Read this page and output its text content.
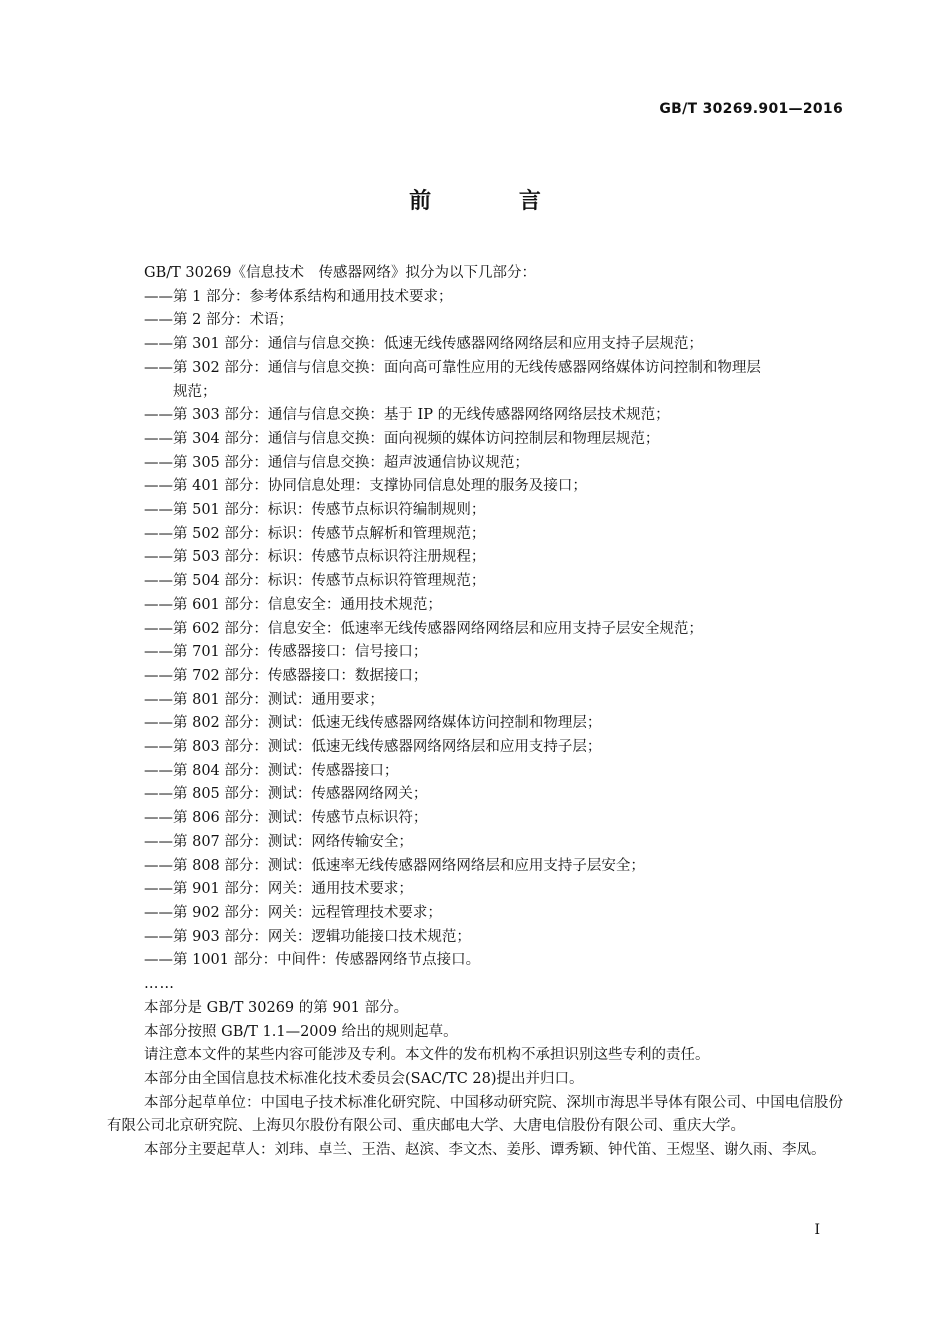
GB/T 30269.901—2016
前 言
GB/T 30269《信息技术　传感器网络》拟分为以下几部分：
——第 1 部分：参考体系结构和通用技术要求；
——第 2 部分：术语；
——第 301 部分：通信与信息交换：低速无线传感器网络网络层和应用支持子层规范；
——第 302 部分：通信与信息交换：面向高可靠性应用的无线传感器网络媒体访问控制和物理层
规范；
——第 303 部分：通信与信息交换：基于 IP 的无线传感器网络网络层技术规范；
——第 304 部分：通信与信息交换：面向视频的媒体访问控制层和物理层规范；
——第 305 部分：通信与信息交换：超声波通信协议规范；
——第 401 部分：协同信息处理：支撑协同信息处理的服务及接口；
——第 501 部分：标识：传感节点标识符编制规则；
——第 502 部分：标识：传感节点解析和管理规范；
——第 503 部分：标识：传感节点标识符注册规程；
——第 504 部分：标识：传感节点标识符管理规范；
——第 601 部分：信息安全：通用技术规范；
——第 602 部分：信息安全：低速率无线传感器网络网络层和应用支持子层安全规范；
——第 701 部分：传感器接口：信号接口；
——第 702 部分：传感器接口：数据接口；
——第 801 部分：测试：通用要求；
——第 802 部分：测试：低速无线传感器网络媒体访问控制和物理层；
——第 803 部分：测试：低速无线传感器网络网络层和应用支持子层；
——第 804 部分：测试：传感器接口；
——第 805 部分：测试：传感器网络网关；
——第 806 部分：测试：传感节点标识符；
——第 807 部分：测试：网络传输安全；
——第 808 部分：测试：低速率无线传感器网络网络层和应用支持子层安全；
——第 901 部分：网关：通用技术要求；
——第 902 部分：网关：远程管理技术要求；
——第 903 部分：网关：逻辑功能接口技术规范；
——第 1001 部分：中间件：传感器网络节点接口。
……
本部分是 GB/T 30269 的第 901 部分。
本部分按照 GB/T 1.1—2009 给出的规则起草。
请注意本文件的某些内容可能涉及专利。本文件的发布机构不承担识别这些专利的责任。
本部分由全国信息技术标准化技术委员会(SAC/TC 28)提出并归口。
本部分起草单位：中国电子技术标准化研究院、中国移动研究院、深圳市海思半导体有限公司、中国电信股份有限公司北京研究院、上海贝尔股份有限公司、重庆邮电大学、大唐电信股份有限公司、重庆大学。
本部分主要起草人：刘玮、卓兰、王浩、赵滨、李文杰、姜彤、谭秀颖、钟代笛、王煜坚、谢久雨、李凤。
I
